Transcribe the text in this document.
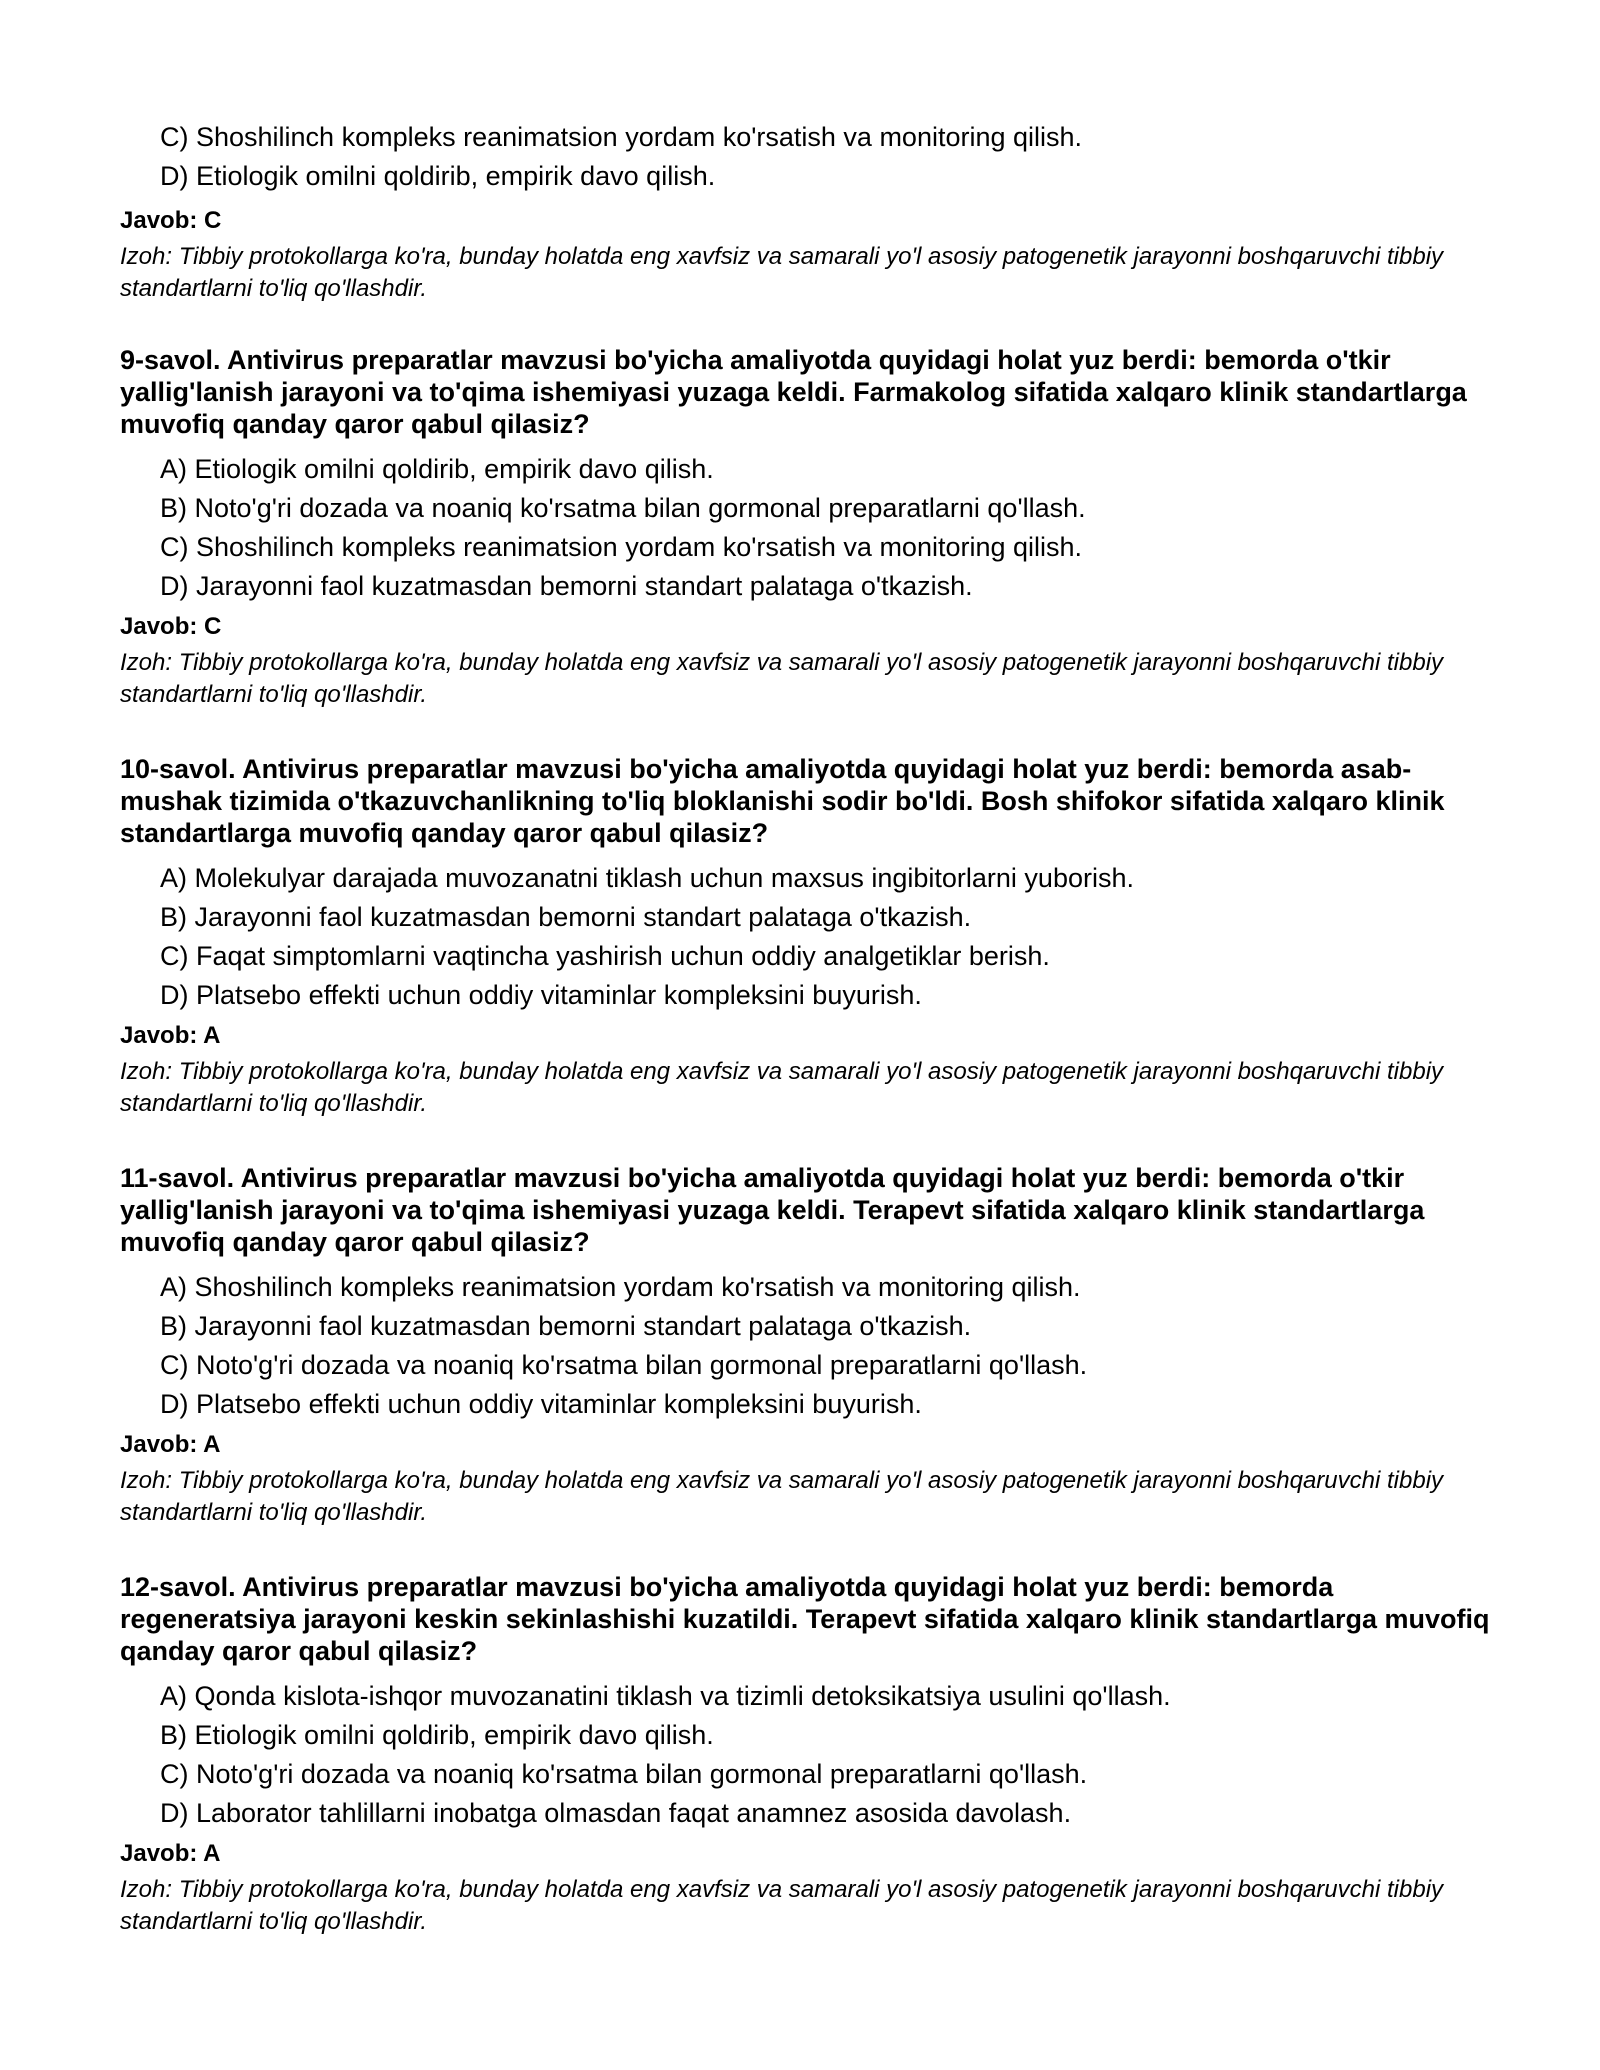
C) Shoshilinch kompleks reanimatsion yordam ko'rsatish va monitoring qilish.
D) Etiologik omilni qoldirib, empirik davo qilish.
Javob: C
Izoh: Tibbiy protokollarga ko'ra, bunday holatda eng xavfsiz va samarali yo'l asosiy patogenetik jarayonni boshqaruvchi tibbiy standartlarni to'liq qo'llashdir.

9-savol. Antivirus preparatlar mavzusi bo'yicha amaliyotda quyidagi holat yuz berdi: bemorda o'tkir yallig'lanish jarayoni va to'qima ishemiyasi yuzaga keldi. Farmakolog sifatida xalqaro klinik standartlarga muvofiq qanday qaror qabul qilasiz?

A) Etiologik omilni qoldirib, empirik davo qilish.
B) Noto'g'ri dozada va noaniq ko'rsatma bilan gormonal preparatlarni qo'llash.
C) Shoshilinch kompleks reanimatsion yordam ko'rsatish va monitoring qilish.
D) Jarayonni faol kuzatmasdan bemorni standart palataga o'tkazish.
Javob: C
Izoh: Tibbiy protokollarga ko'ra, bunday holatda eng xavfsiz va samarali yo'l asosiy patogenetik jarayonni boshqaruvchi tibbiy standartlarni to'liq qo'llashdir.

10-savol. Antivirus preparatlar mavzusi bo'yicha amaliyotda quyidagi holat yuz berdi: bemorda asab-mushak tizimida o'tkazuvchanlikning to'liq bloklanishi sodir bo'ldi. Bosh shifokor sifatida xalqaro klinik standartlarga muvofiq qanday qaror qabul qilasiz?

A) Molekulyar darajada muvozanatni tiklash uchun maxsus ingibitorlarni yuborish.
B) Jarayonni faol kuzatmasdan bemorni standart palataga o'tkazish.
C) Faqat simptomlarni vaqtincha yashirish uchun oddiy analgetiklar berish.
D) Platsebo effekti uchun oddiy vitaminlar kompleksini buyurish.
Javob: A
Izoh: Tibbiy protokollarga ko'ra, bunday holatda eng xavfsiz va samarali yo'l asosiy patogenetik jarayonni boshqaruvchi tibbiy standartlarni to'liq qo'llashdir.

11-savol. Antivirus preparatlar mavzusi bo'yicha amaliyotda quyidagi holat yuz berdi: bemorda o'tkir yallig'lanish jarayoni va to'qima ishemiyasi yuzaga keldi. Terapevt sifatida xalqaro klinik standartlarga muvofiq qanday qaror qabul qilasiz?

A) Shoshilinch kompleks reanimatsion yordam ko'rsatish va monitoring qilish.
B) Jarayonni faol kuzatmasdan bemorni standart palataga o'tkazish.
C) Noto'g'ri dozada va noaniq ko'rsatma bilan gormonal preparatlarni qo'llash.
D) Platsebo effekti uchun oddiy vitaminlar kompleksini buyurish.
Javob: A
Izoh: Tibbiy protokollarga ko'ra, bunday holatda eng xavfsiz va samarali yo'l asosiy patogenetik jarayonni boshqaruvchi tibbiy standartlarni to'liq qo'llashdir.

12-savol. Antivirus preparatlar mavzusi bo'yicha amaliyotda quyidagi holat yuz berdi: bemorda regeneratsiya jarayoni keskin sekinlashishi kuzatildi. Terapevt sifatida xalqaro klinik standartlarga muvofiq qanday qaror qabul qilasiz?

A) Qonda kislota-ishqor muvozanatini tiklash va tizimli detoksikatsiya usulini qo'llash.
B) Etiologik omilni qoldirib, empirik davo qilish.
C) Noto'g'ri dozada va noaniq ko'rsatma bilan gormonal preparatlarni qo'llash.
D) Laborator tahlillarni inobatga olmasdan faqat anamnez asosida davolash.
Javob: A
Izoh: Tibbiy protokollarga ko'ra, bunday holatda eng xavfsiz va samarali yo'l asosiy patogenetik jarayonni boshqaruvchi tibbiy standartlarni to'liq qo'llashdir.
